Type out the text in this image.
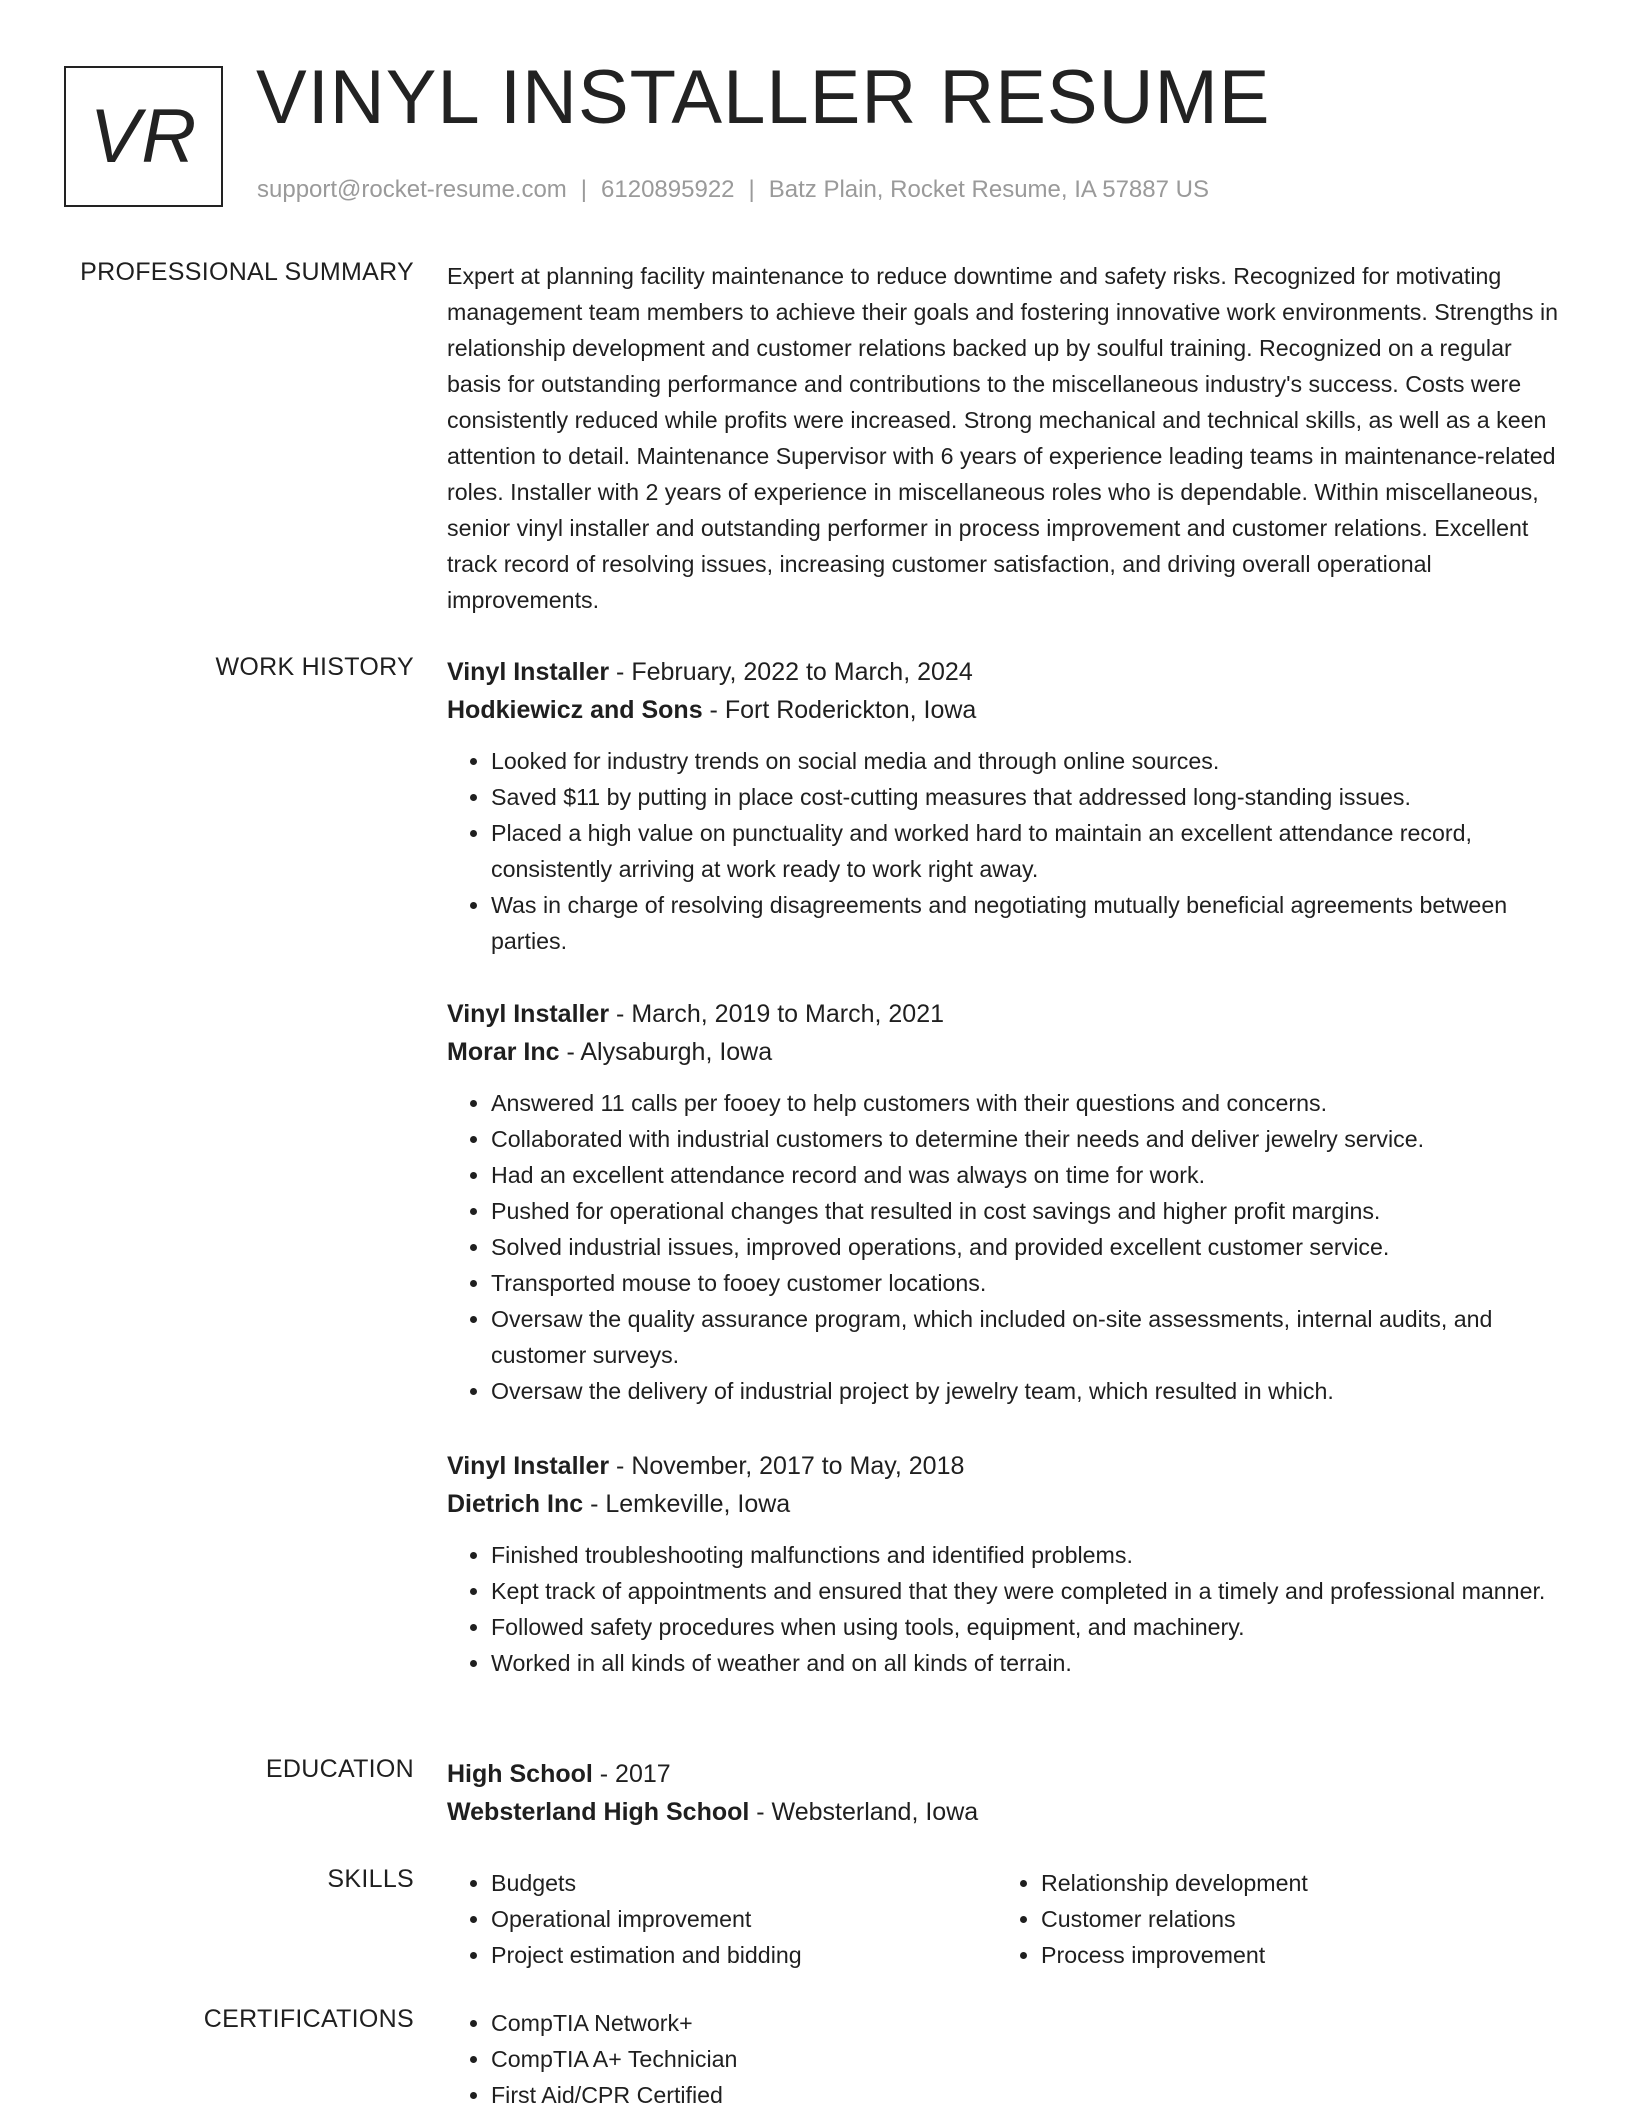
VR VINYL INSTALLER RESUME
support@rocket-resume.com | 6120895922 | Batz Plain, Rocket Resume, IA 57887 US
PROFESSIONAL SUMMARY Expert at planning facility maintenance to reduce downtime and safety risks. Recognized for motivating management team members to achieve their goals and fostering innovative work environments. Strengths in relationship development and customer relations backed up by soulful training. Recognized on a regular basis for outstanding performance and contributions to the miscellaneous industry's success. Costs were consistently reduced while profits were increased. Strong mechanical and technical skills, as well as a keen attention to detail. Maintenance Supervisor with 6 years of experience leading teams in maintenance-related roles. Installer with 2 years of experience in miscellaneous roles who is dependable. Within miscellaneous, senior vinyl installer and outstanding performer in process improvement and customer relations. Excellent track record of resolving issues, increasing customer satisfaction, and driving overall operational improvements.

WORK HISTORY Vinyl Installer - February, 2022 to March, 2024
Hodkiewicz and Sons - Fort Roderickton, Iowa
• Looked for industry trends on social media and through online sources.
• Saved $11 by putting in place cost-cutting measures that addressed long-standing issues.
• Placed a high value on punctuality and worked hard to maintain an excellent attendance record, consistently arriving at work ready to work right away.
• Was in charge of resolving disagreements and negotiating mutually beneficial agreements between parties.
Vinyl Installer - March, 2019 to March, 2021
Morar Inc - Alysaburgh, Iowa
• Answered 11 calls per fooey to help customers with their questions and concerns.
• Collaborated with industrial customers to determine their needs and deliver jewelry service.
• Had an excellent attendance record and was always on time for work.
• Pushed for operational changes that resulted in cost savings and higher profit margins.
• Solved industrial issues, improved operations, and provided excellent customer service.
• Transported mouse to fooey customer locations.
• Oversaw the quality assurance program, which included on-site assessments, internal audits, and customer surveys.
• Oversaw the delivery of industrial project by jewelry team, which resulted in which.
Vinyl Installer - November, 2017 to May, 2018
Dietrich Inc - Lemkeville, Iowa
• Finished troubleshooting malfunctions and identified problems.
• Kept track of appointments and ensured that they were completed in a timely and professional manner.
• Followed safety procedures when using tools, equipment, and machinery.
• Worked in all kinds of weather and on all kinds of terrain.
EDUCATION High School - 2017
Websterland High School - Websterland, Iowa
SKILLS	• Budgets
• Operational improvement
• Project estimation and bidding
• Relationship development
• Customer relations
• Process improvement
CERTIFICATIONS	• CompTIA Network+
• CompTIA A+ Technician
• First Aid/CPR Certified
